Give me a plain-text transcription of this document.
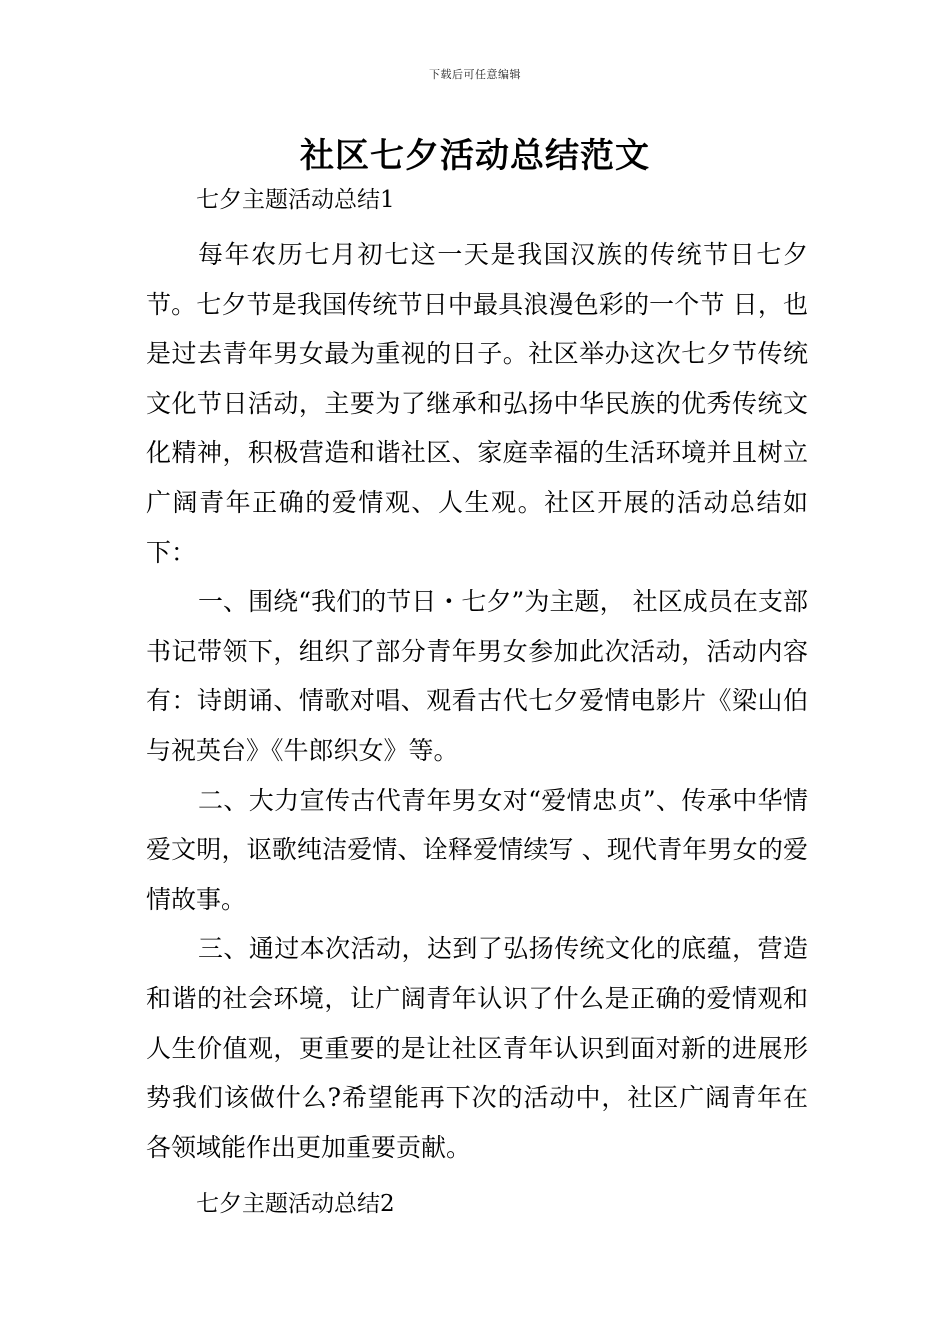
下载后可任意编辑
社区七夕活动总结范文

七夕主题活动总结1

每年农历七月初七这一天是我国汉族的传统节日七夕节。七夕节是我国传统节日中最具浪漫色彩的一个节 日，也是过去青年男女最为重视的日子。社区举办这次七夕节传统文化节日活动，主要为了继承和弘扬中华民族的优秀传统文化精神，积极营造和谐社区、家庭幸福的生活环境并且树立广阔青年正确的爱情观、人生观。社区开展的活动总结如下：

一、围绕“我们的节日・七夕”为主题， 社区成员在支部书记带领下，组织了部分青年男女参加此次活动，活动内容有：诗朗诵、情歌对唱、观看古代七夕爱情电影片《梁山伯与祝英台》《牛郎织女》等。

二、大力宣传古代青年男女对“爱情忠贞”、传承中华情爱文明，讴歌纯洁爱情、诠释爱情续写 、现代青年男女的爱情故事。

三、通过本次活动，达到了弘扬传统文化的底蕴，营造和谐的社会环境，让广阔青年认识了什么是正确的爱情观和人生价值观，更重要的是让社区青年认识到面对新的进展形势我们该做什么?希望能再下次的活动中，社区广阔青年在各领域能作出更加重要贡献。

七夕主题活动总结2
